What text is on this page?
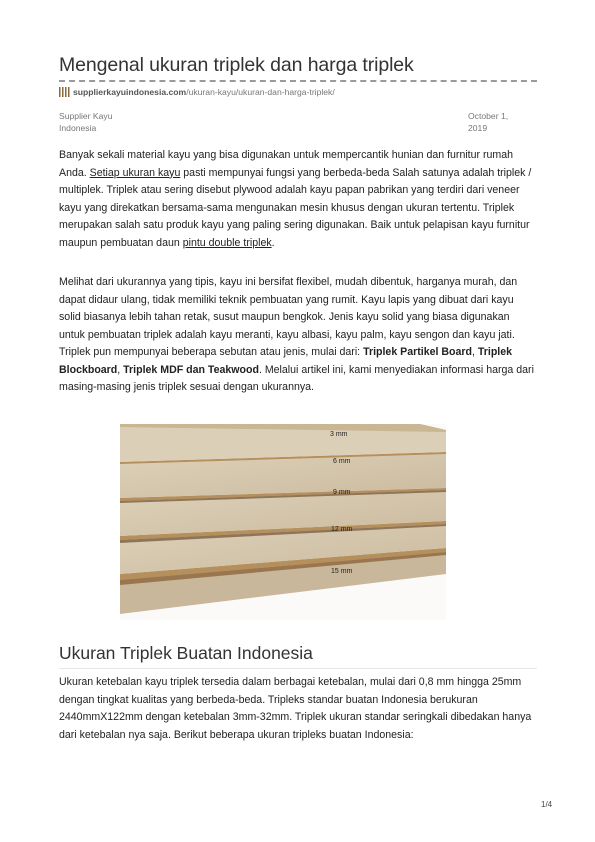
Mengenal ukuran triplek dan harga triplek
supplierkayuindonesia.com /ukuran-kayu/ukuran-dan-harga-triplek/
Supplier Kayu
Indonesia
October 1,
2019

Banyak sekali material kayu yang bisa digunakan untuk mempercantik hunian dan furnitur rumah Anda. Setiap ukuran kayu pasti mempunyai fungsi yang berbeda-beda Salah satunya adalah triplek / multiplek. Triplek atau sering disebut plywood adalah kayu papan pabrikan yang terdiri dari veneer kayu yang direkatkan bersama-sama mengunakan mesin khusus dengan ukuran tertentu. Triplek merupakan salah satu produk kayu yang paling sering digunakan. Baik untuk pelapisan kayu furnitur maupun pembuatan daun pintu double triplek.

Melihat dari ukurannya yang tipis, kayu ini bersifat flexibel, mudah dibentuk, harganya murah, dan dapat didaur ulang, tidak memiliki teknik pembuatan yang rumit. Kayu lapis yang dibuat dari kayu solid biasanya lebih tahan retak, susut maupun bengkok. Jenis kayu solid yang biasa digunakan untuk pembuatan triplek adalah kayu meranti, kayu albasi, kayu palm, kayu sengon dan kayu jati. Triplek pun mempunyai beberapa sebutan atau jenis, mulai dari: Triplek Partikel Board, Triplek Blockboard, Triplek MDF dan Teakwood. Melalui artikel ini, kami menyediakan informasi harga dari masing-masing jenis triplek sesuai dengan ukurannya.

3 mm
6 mm
9 mm
12 mm
15 mm
Ukuran Triplek Buatan Indonesia

Ukuran ketebalan kayu triplek tersedia dalam berbagai ketebalan, mulai dari 0,8 mm hingga 25mm dengan tingkat kualitas yang berbeda-beda. Tripleks standar buatan Indonesia berukuran 2440mmX122mm dengan ketebalan 3mm-32mm. Triplek ukuran standar seringkali dibedakan hanya dari ketebalan nya saja. Berikut beberapa ukuran tripleks buatan Indonesia:

1/4
